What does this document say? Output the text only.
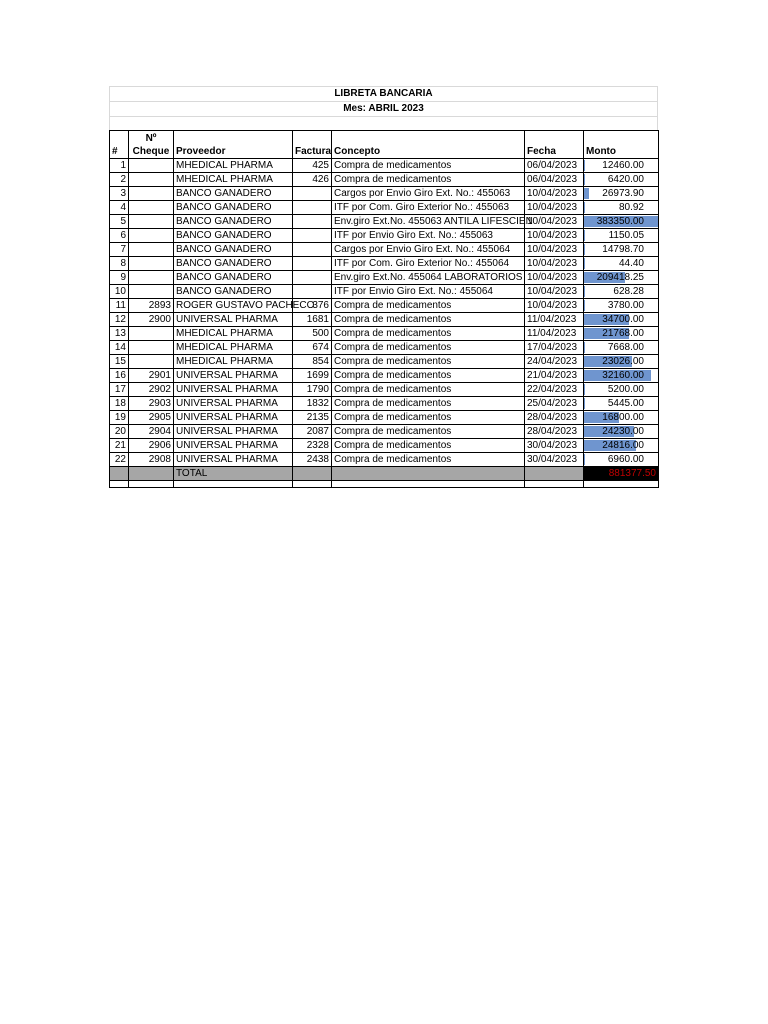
LIBRETA BANCARIA
Mes: ABRIL 2023
	Nº					
#	Cheque	Proveedor	Factura	Concepto	Fecha	Monto
1		MHEDICAL PHARMA	425	Compra de medicamentos	06/04/2023	12460.00
2		MHEDICAL PHARMA	426	Compra de medicamentos	06/04/2023	6420.00
3		BANCO GANADERO		Cargos por Envio Giro Ext. No.: 455063	10/04/2023	26973.90
4		BANCO GANADERO		ITF por Com. Giro Exterior No.: 455063	10/04/2023	80.92
5		BANCO GANADERO		Env.giro Ext.No. 455063 ANTILA LIFESCIEN	10/04/2023	383350.00
6		BANCO GANADERO		ITF por Envio Giro Ext. No.: 455063	10/04/2023	1150.05
7		BANCO GANADERO		Cargos por Envio Giro Ext. No.: 455064	10/04/2023	14798.70
8		BANCO GANADERO		ITF por Com. Giro Exterior No.: 455064	10/04/2023	44.40
9		BANCO GANADERO		Env.giro Ext.No. 455064 LABORATORIOS	10/04/2023	209418.25
10		BANCO GANADERO		ITF por Envio Giro Ext. No.: 455064	10/04/2023	628.28
11	2893	ROGER GUSTAVO PACHECO	376	Compra de medicamentos	10/04/2023	3780.00
12	2900	UNIVERSAL PHARMA	1681	Compra de medicamentos	11/04/2023	34700.00
13		MHEDICAL PHARMA	500	Compra de medicamentos	11/04/2023	21768.00
14		MHEDICAL PHARMA	674	Compra de medicamentos	17/04/2023	7668.00
15		MHEDICAL PHARMA	854	Compra de medicamentos	24/04/2023	23026.00
16	2901	UNIVERSAL PHARMA	1699	Compra de medicamentos	21/04/2023	32160.00
17	2902	UNIVERSAL PHARMA	1790	Compra de medicamentos	22/04/2023	5200.00
18	2903	UNIVERSAL PHARMA	1832	Compra de medicamentos	25/04/2023	5445.00
19	2905	UNIVERSAL PHARMA	2135	Compra de medicamentos	28/04/2023	16800.00
20	2904	UNIVERSAL PHARMA	2087	Compra de medicamentos	28/04/2023	24230.00
21	2906	UNIVERSAL PHARMA	2328	Compra de medicamentos	30/04/2023	24816.00
22	2908	UNIVERSAL PHARMA	2438	Compra de medicamentos	30/04/2023	6960.00
		TOTAL				881377.50
